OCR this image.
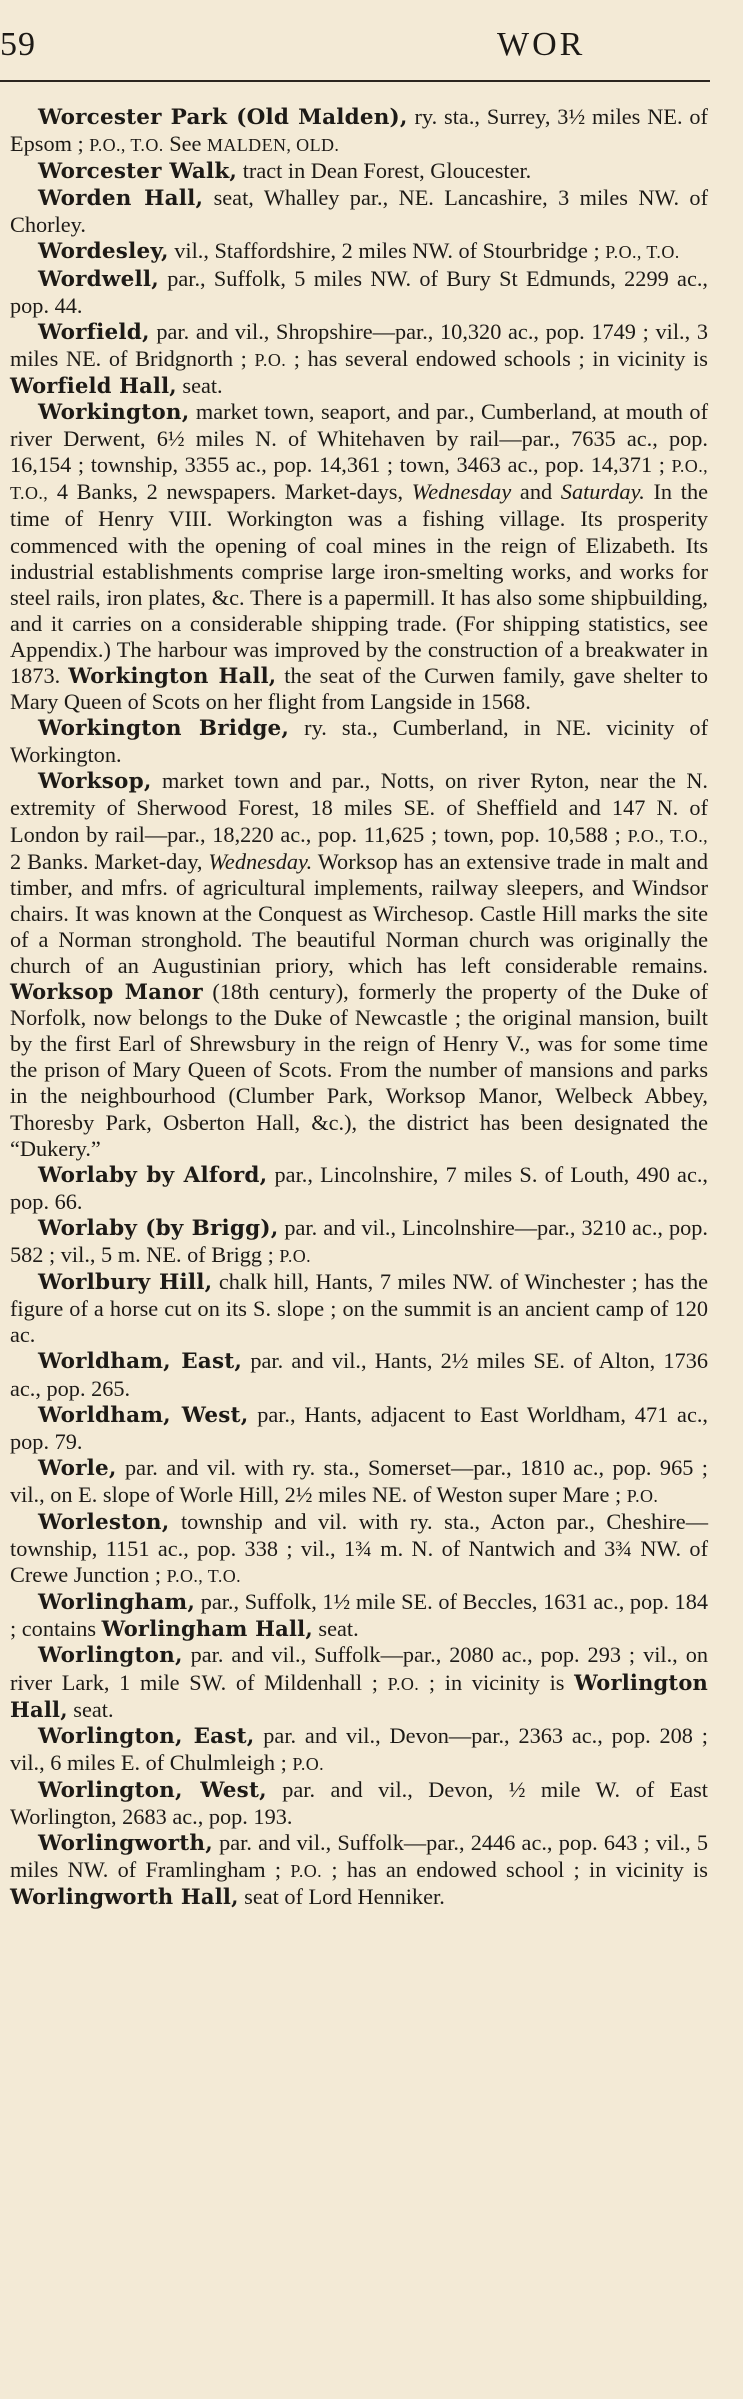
59	WOR

Worcester Park (Old Malden), ry. sta., Surrey, 3½ miles NE. of Epsom ; P.O., T.O. See MALDEN, OLD.

Worcester Walk, tract in Dean Forest, Gloucester.

Worden Hall, seat, Whalley par., NE. Lancashire, 3 miles NW. of Chorley.

Wordesley, vil., Staffordshire, 2 miles NW. of Stourbridge ; P.O., T.O.

Wordwell, par., Suffolk, 5 miles NW. of Bury St Edmunds, 2299 ac., pop. 44.

Worfield, par. and vil., Shropshire—par., 10,320 ac., pop. 1749 ; vil., 3 miles NE. of Bridgnorth ; P.O. ; has several endowed schools ; in vicinity is Worfield Hall, seat.

Workington, market town, seaport, and par., Cumberland, at mouth of river Derwent, 6½ miles N. of Whitehaven by rail—par., 7635 ac., pop. 16,154 ; township, 3355 ac., pop. 14,361 ; town, 3463 ac., pop. 14,371 ; P.O., T.O., 4 Banks, 2 newspapers. Market-days, Wednesday and Saturday. In the time of Henry VIII. Workington was a fishing village. Its prosperity commenced with the opening of coal mines in the reign of Elizabeth. Its industrial establishments comprise large iron-smelting works, and works for steel rails, iron plates, &c. There is a papermill. It has also some shipbuilding, and it carries on a considerable shipping trade. (For shipping statistics, see Appendix.) The harbour was improved by the construction of a breakwater in 1873. Workington Hall, the seat of the Curwen family, gave shelter to Mary Queen of Scots on her flight from Langside in 1568.

Workington Bridge, ry. sta., Cumberland, in NE. vicinity of Workington.

Worksop, market town and par., Notts, on river Ryton, near the N. extremity of Sherwood Forest, 18 miles SE. of Sheffield and 147 N. of London by rail—par., 18,220 ac., pop. 11,625 ; town, pop. 10,588 ; P.O., T.O., 2 Banks. Market-day, Wednesday. Worksop has an extensive trade in malt and timber, and mfrs. of agricultural implements, railway sleepers, and Windsor chairs. It was known at the Conquest as Wirchesop. Castle Hill marks the site of a Norman stronghold. The beautiful Norman church was originally the church of an Augustinian priory, which has left considerable remains. Worksop Manor (18th century), formerly the property of the Duke of Norfolk, now belongs to the Duke of Newcastle ; the original mansion, built by the first Earl of Shrewsbury in the reign of Henry V., was for some time the prison of Mary Queen of Scots. From the number of mansions and parks in the neighbourhood (Clumber Park, Worksop Manor, Welbeck Abbey, Thoresby Park, Osberton Hall, &c.), the district has been designated the “Dukery.”

Worlaby by Alford, par., Lincolnshire, 7 miles S. of Louth, 490 ac., pop. 66.

Worlaby (by Brigg), par. and vil., Lincolnshire—par., 3210 ac., pop. 582 ; vil., 5 m. NE. of Brigg ; P.O.

Worlbury Hill, chalk hill, Hants, 7 miles NW. of Winchester ; has the figure of a horse cut on its S. slope ; on the summit is an ancient camp of 120 ac.

Worldham, East, par. and vil., Hants, 2½ miles SE. of Alton, 1736 ac., pop. 265.

Worldham, West, par., Hants, adjacent to East Worldham, 471 ac., pop. 79.

Worle, par. and vil. with ry. sta., Somerset—par., 1810 ac., pop. 965 ; vil., on E. slope of Worle Hill, 2½ miles NE. of Weston super Mare ; P.O.

Worleston, township and vil. with ry. sta., Acton par., Cheshire—township, 1151 ac., pop. 338 ; vil., 1¾ m. N. of Nantwich and 3¾ NW. of Crewe Junction ; P.O., T.O.

Worlingham, par., Suffolk, 1½ mile SE. of Beccles, 1631 ac., pop. 184 ; contains Worlingham Hall, seat.

Worlington, par. and vil., Suffolk—par., 2080 ac., pop. 293 ; vil., on river Lark, 1 mile SW. of Mildenhall ; P.O. ; in vicinity is Worlington Hall, seat.

Worlington, East, par. and vil., Devon—par., 2363 ac., pop. 208 ; vil., 6 miles E. of Chulmleigh ; P.O.

Worlington, West, par. and vil., Devon, ½ mile W. of East Worlington, 2683 ac., pop. 193.

Worlingworth, par. and vil., Suffolk—par., 2446 ac., pop. 643 ; vil., 5 miles NW. of Framlingham ; P.O. ; has an endowed school ; in vicinity is Worlingworth Hall, seat of Lord Henniker.
